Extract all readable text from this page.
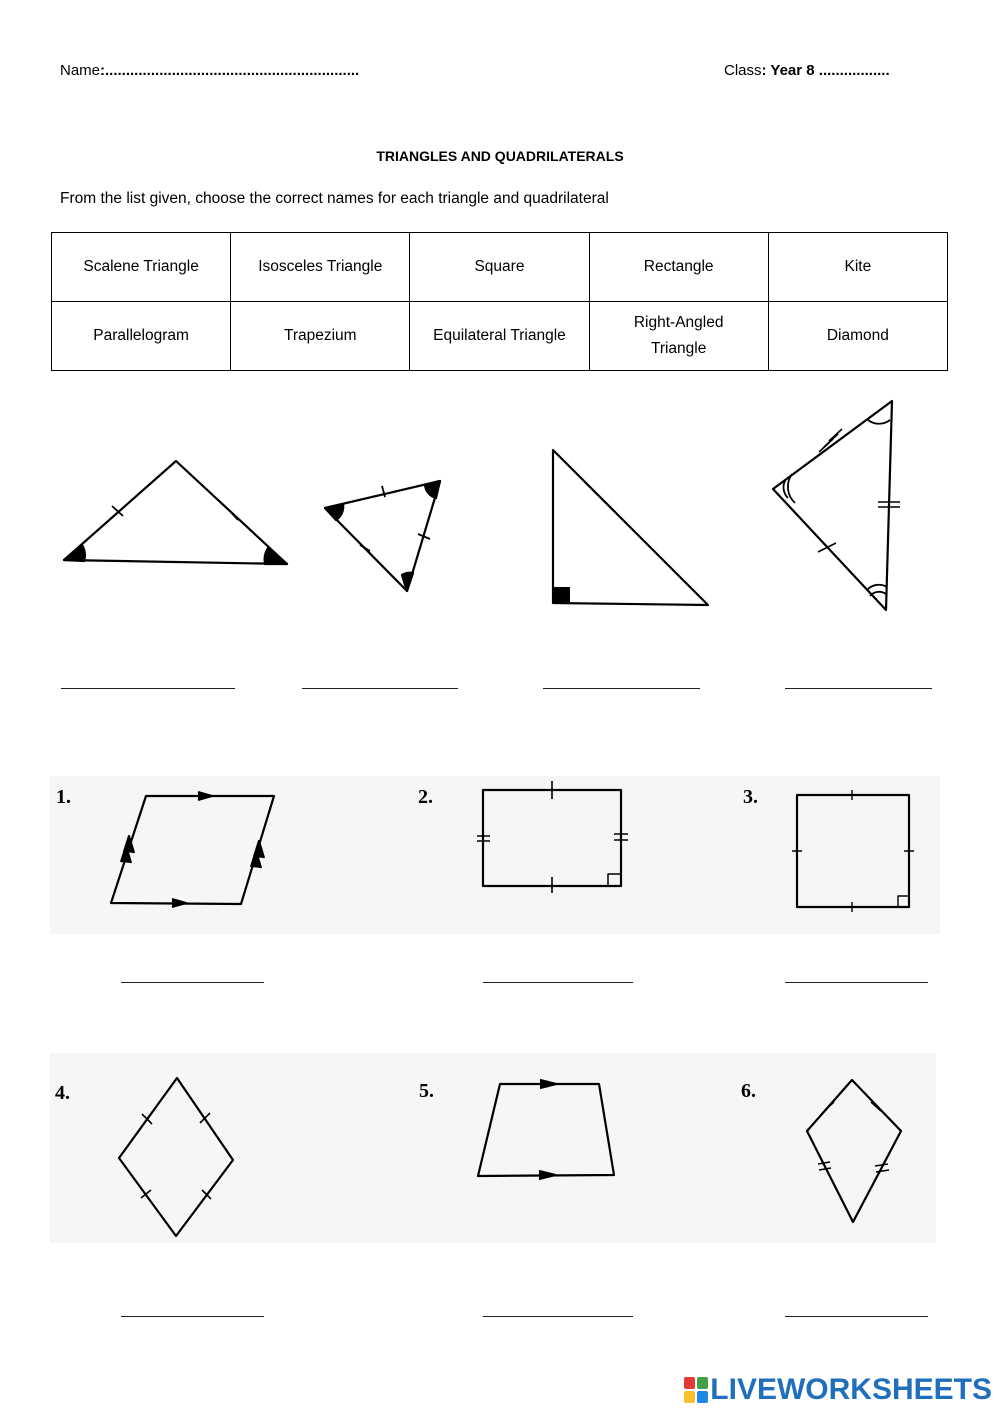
Name:.............................................................	Class: Year 8 .................
TRIANGLES AND QUADRILATERALS
From the list given, choose the correct names for each triangle and quadrilateral
Scalene Triangle	Isosceles Triangle	Square	Rectangle	Kite
Parallelogram	Trapezium	Equilateral Triangle	Right-Angled Triangle	Diamond
1.	2.	3.
4.	5.	6.
LIVEWORKSHEETS
